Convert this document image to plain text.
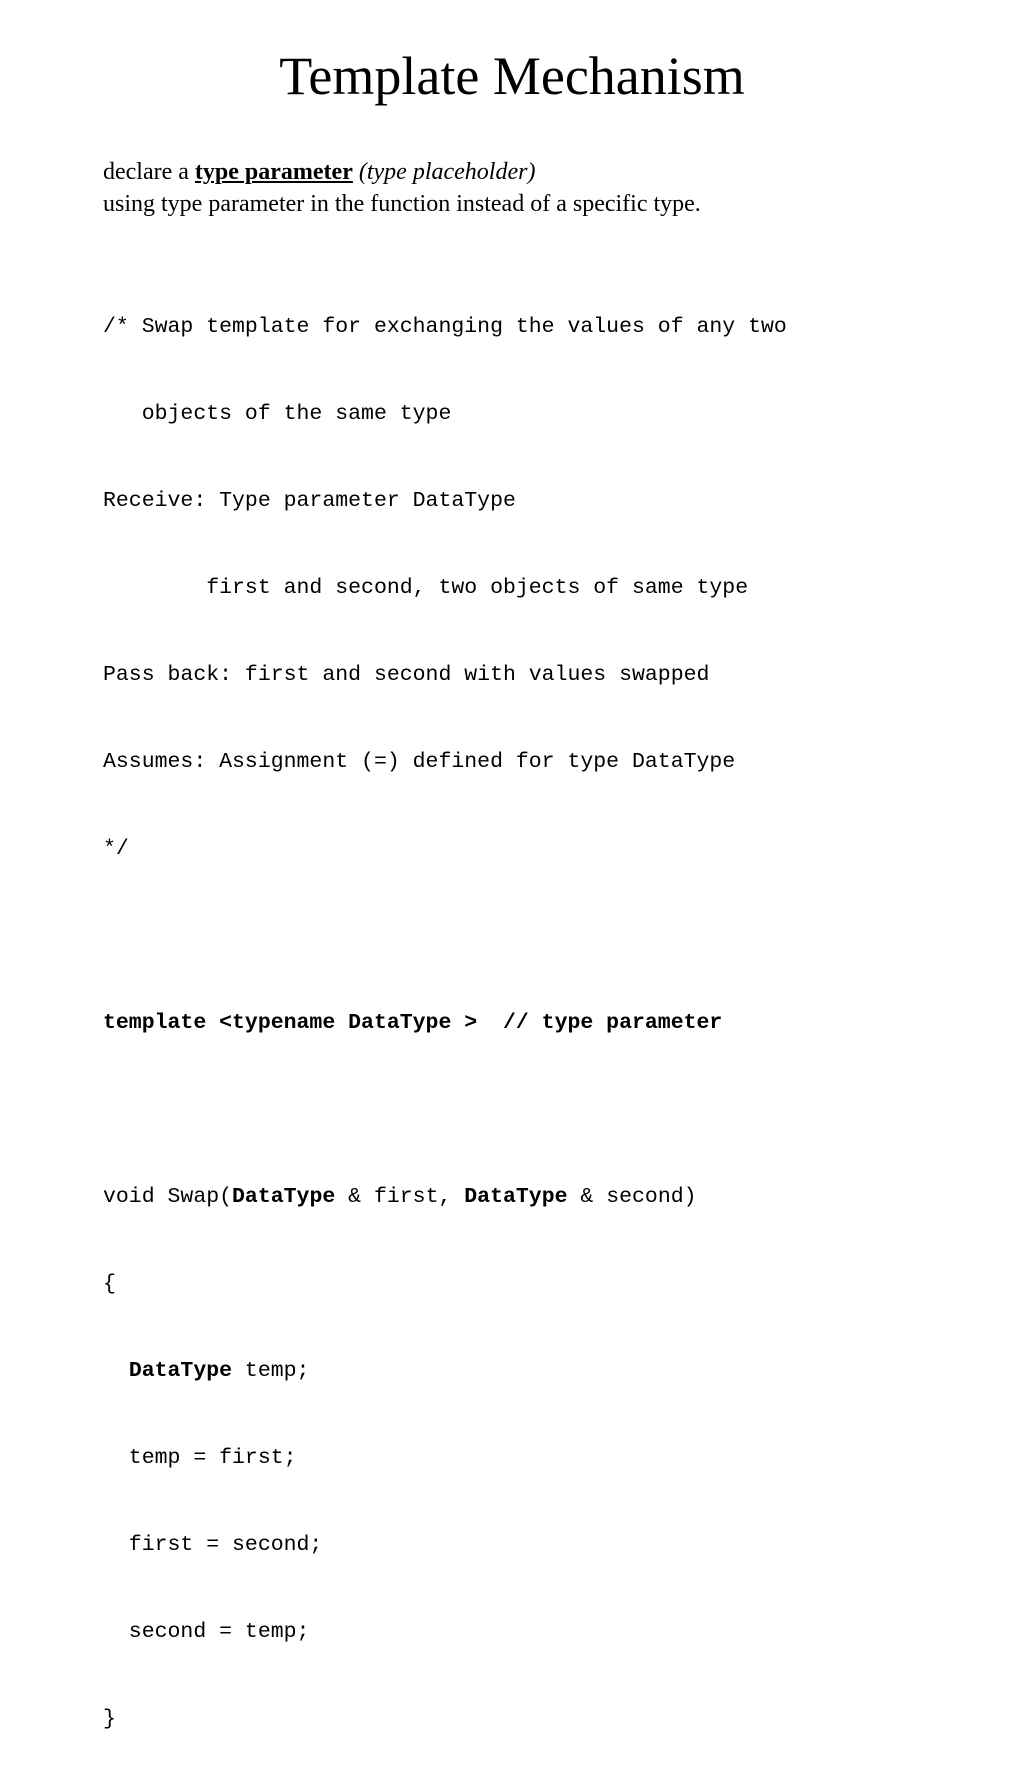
Template Mechanism
declare a type parameter (type placeholder)
using type parameter in the function instead of a specific type.

/* Swap template for exchanging the values of any two

objects of the same type

Receive: Type parameter DataType

first and second, two objects of same type

Pass back: first and second with values swapped

Assumes: Assignment (=) defined for type DataType

*/

template <typename DataType >  // type parameter

void Swap(DataType & first, DataType & second)

{

DataType temp;

temp = first;

first = second;

second = temp;

}
